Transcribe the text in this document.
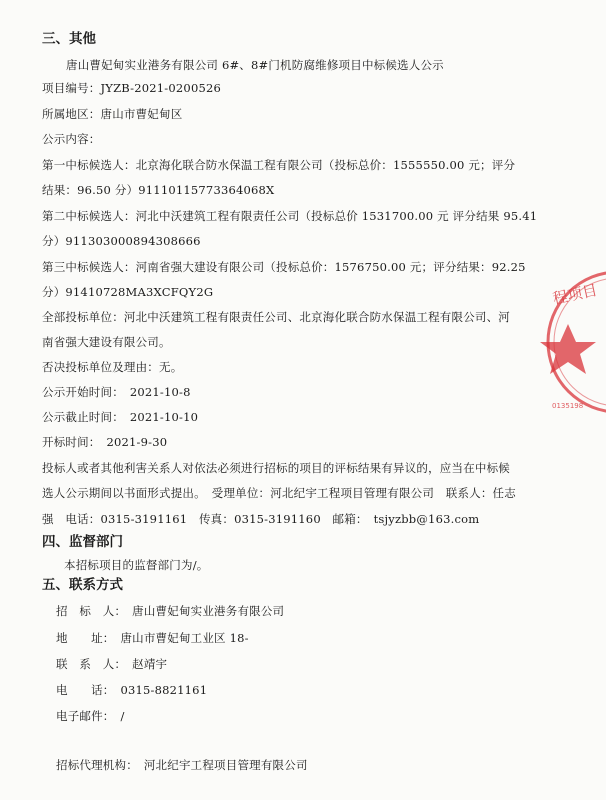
三、其他
唐山曹妃甸实业港务有限公司 6#、8#门机防腐维修项目中标候选人公示
项目编号：JYZB-2021-0200526
所属地区：唐山市曹妃甸区
公示内容：
第一中标候选人：北京海化联合防水保温工程有限公司（投标总价：1555550.00 元；评分
结果：96.50 分）91110115773364068X
第二中标候选人：河北中沃建筑工程有限责任公司（投标总价 1531700.00 元 评分结果 95.41
分）911303000894308666
第三中标候选人：河南省强大建设有限公司（投标总价：1576750.00 元；评分结果：92.25
分）91410728MA3XCFQY2G
全部投标单位：河北中沃建筑工程有限责任公司、北京海化联合防水保温工程有限公司、河
南省强大建设有限公司。
否决投标单位及理由：无。
公示开始时间：　2021-10-8
公示截止时间：　2021-10-10
开标时间：　2021-9-30
投标人或者其他利害关系人对依法必须进行招标的项目的评标结果有异议的，应当在中标候
选人公示期间以书面形式提出。　受理单位：河北纪宇工程项目管理有限公司　联系人：任志
强　电话：0315-3191161　传真：0315-3191160　邮箱：　tsjyzbb@163.com
四、监督部门
本招标项目的监督部门为/。
五、联系方式
招　标　人：　唐山曹妃甸实业港务有限公司
地　　址：　唐山市曹妃甸工业区 18-
联　系　人：　赵靖宇
电　　话：　0315-8821161
电子邮件：　/
招标代理机构：　河北纪宇工程项目管理有限公司
程项目
0135198
